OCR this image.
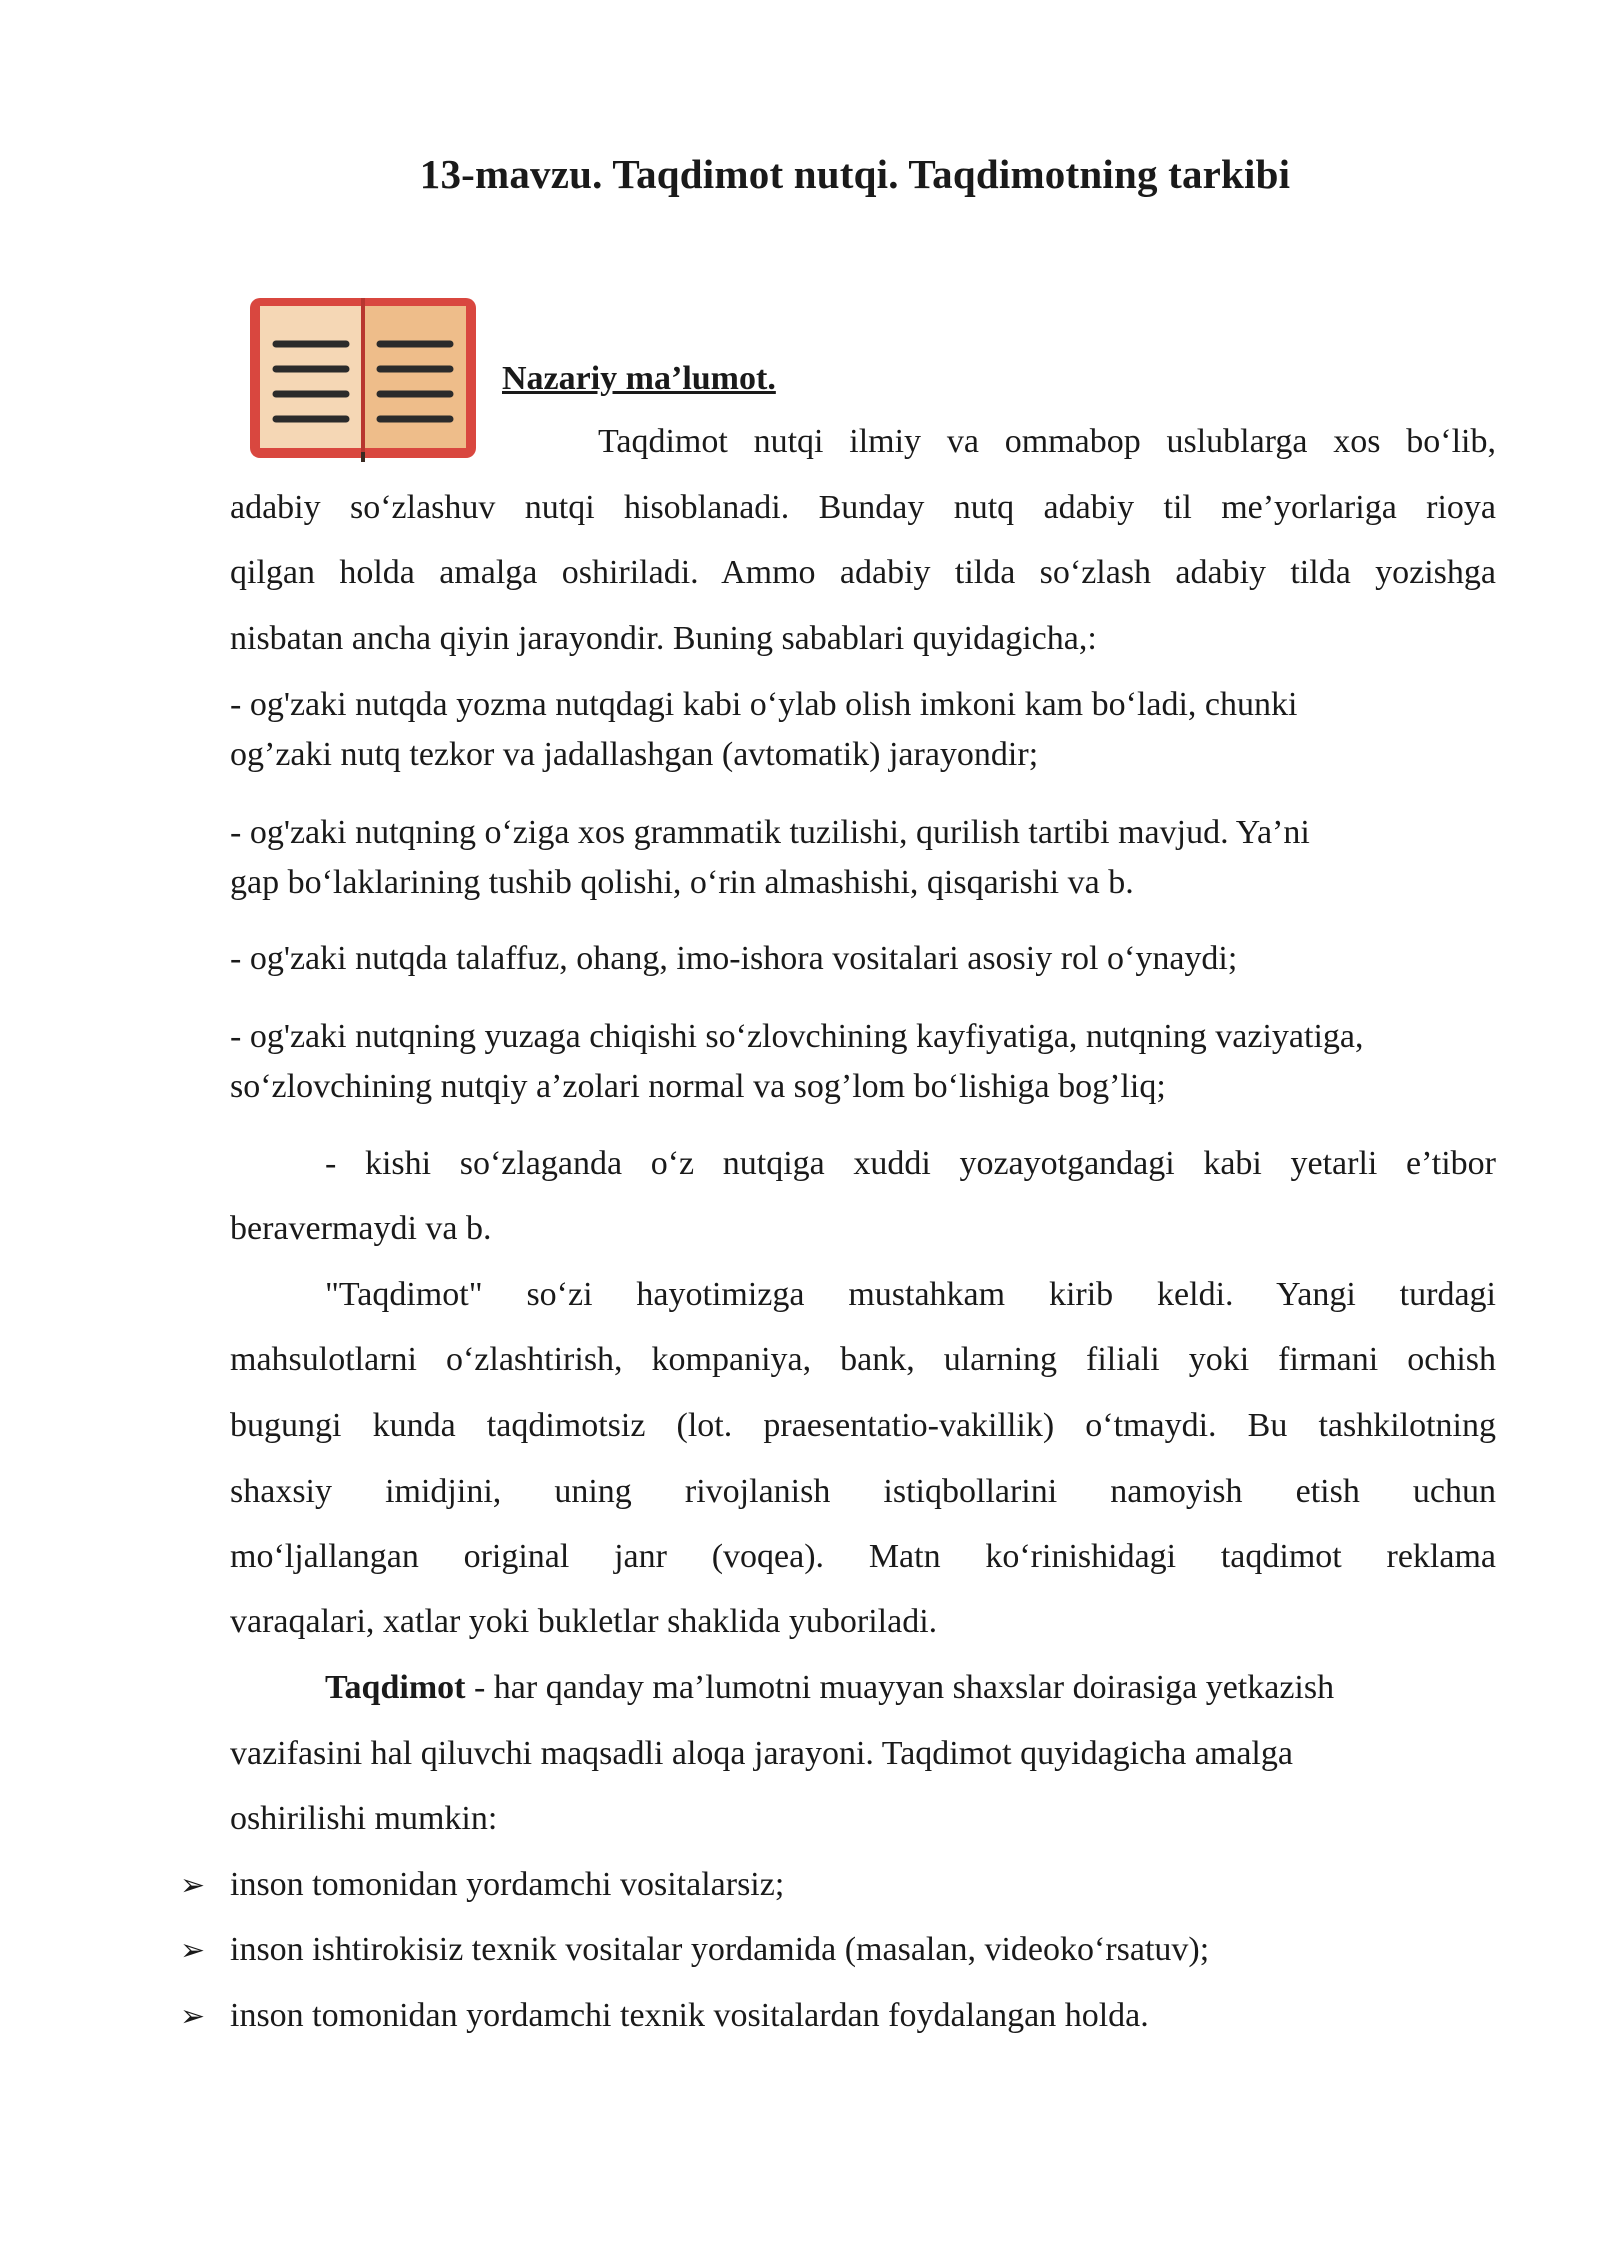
13-mavzu. Taqdimot nutqi. Taqdimotning tarkibi
Nazariy ma’lumot.
Taqdimot nutqi ilmiy va ommabop uslublarga xos bo‘lib,
adabiy so‘zlashuv nutqi hisoblanadi. Bunday nutq adabiy til me’yorlariga rioya
qilgan holda amalga oshiriladi. Ammo adabiy tilda so‘zlash adabiy tilda yozishga
nisbatan ancha qiyin jarayondir. Buning sabablari quyidagicha,:
- og'zaki nutqda yozma nutqdagi kabi o‘ylab olish imkoni kam bo‘ladi, chunki
og’zaki nutq tezkor va jadallashgan (avtomatik) jarayondir;
- og'zaki nutqning o‘ziga xos grammatik tuzilishi, qurilish tartibi mavjud. Ya’ni
gap bo‘laklarining tushib qolishi, o‘rin almashishi, qisqarishi va b.
- og'zaki nutqda talaffuz, ohang, imo-ishora vositalari asosiy rol o‘ynaydi;
- og'zaki nutqning yuzaga chiqishi so‘zlovchining kayfiyatiga, nutqning vaziyatiga,
so‘zlovchining nutqiy a’zolari normal va sog’lom bo‘lishiga bog’liq;
- kishi so‘zlaganda o‘z nutqiga xuddi yozayotgandagi kabi yetarli e’tibor
beravermaydi va b.
"Taqdimot" so‘zi hayotimizga mustahkam kirib keldi. Yangi turdagi
mahsulotlarni o‘zlashtirish, kompaniya, bank, ularning filiali yoki firmani ochish
bugungi kunda taqdimotsiz (lot. praesentatio-vakillik) o‘tmaydi. Bu tashkilotning
shaxsiy imidjini, uning rivojlanish istiqbollarini namoyish etish uchun
mo‘ljallangan original janr (voqea). Matn ko‘rinishidagi taqdimot reklama
varaqalari, xatlar yoki bukletlar shaklida yuboriladi.
Taqdimot - har qanday ma’lumotni muayyan shaxslar doirasiga yetkazish
vazifasini hal qiluvchi maqsadli aloqa jarayoni. Taqdimot quyidagicha amalga
oshirilishi mumkin:
➢ inson tomonidan yordamchi vositalarsiz;
➢ inson ishtirokisiz texnik vositalar yordamida (masalan, videoko‘rsatuv);
➢ inson tomonidan yordamchi texnik vositalardan foydalangan holda.
